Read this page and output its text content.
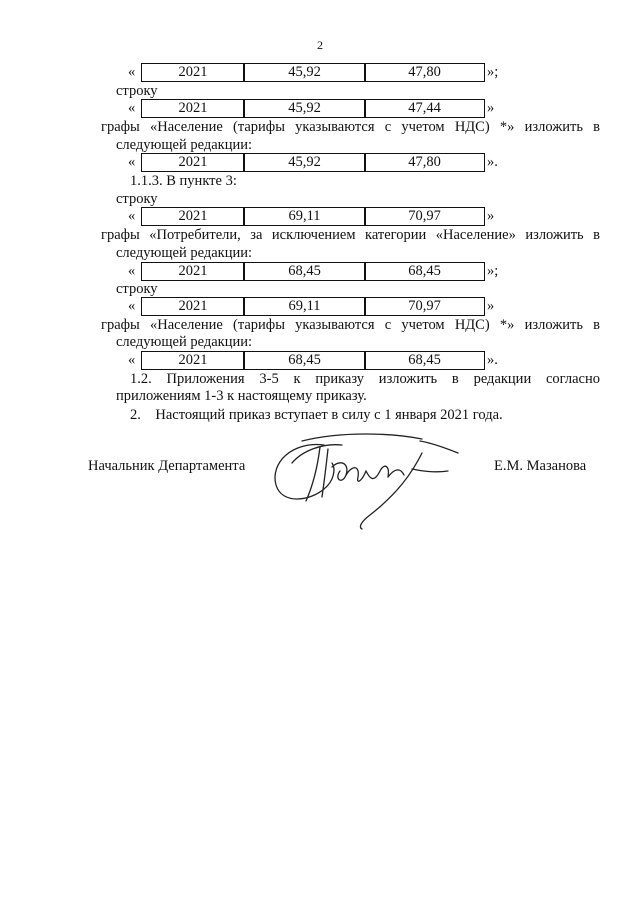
2
«	2021	45,92	47,80	»;
строку
«	2021	45,92	47,44	»
графы «Население (тарифы указываются с учетом НДС) *» изложить в
следующей редакции:
«	2021	45,92	47,80	».
1.1.3. В пункте 3:
строку
«	2021	69,11	70,97	»
графы «Потребители, за исключением категории «Население» изложить в
следующей редакции:
«	2021	68,45	68,45	»;
строку
«	2021	69,11	70,97	»
графы «Население (тарифы указываются с учетом НДС) *» изложить в
следующей редакции:
«	2021	68,45	68,45	».
1.2. Приложения 3-5 к приказу изложить в редакции согласно
приложениям 1-3 к настоящему приказу.
2.    Настоящий приказ вступает в силу с 1 января 2021 года.
Начальник Департамента	Е.М. Мазанова
